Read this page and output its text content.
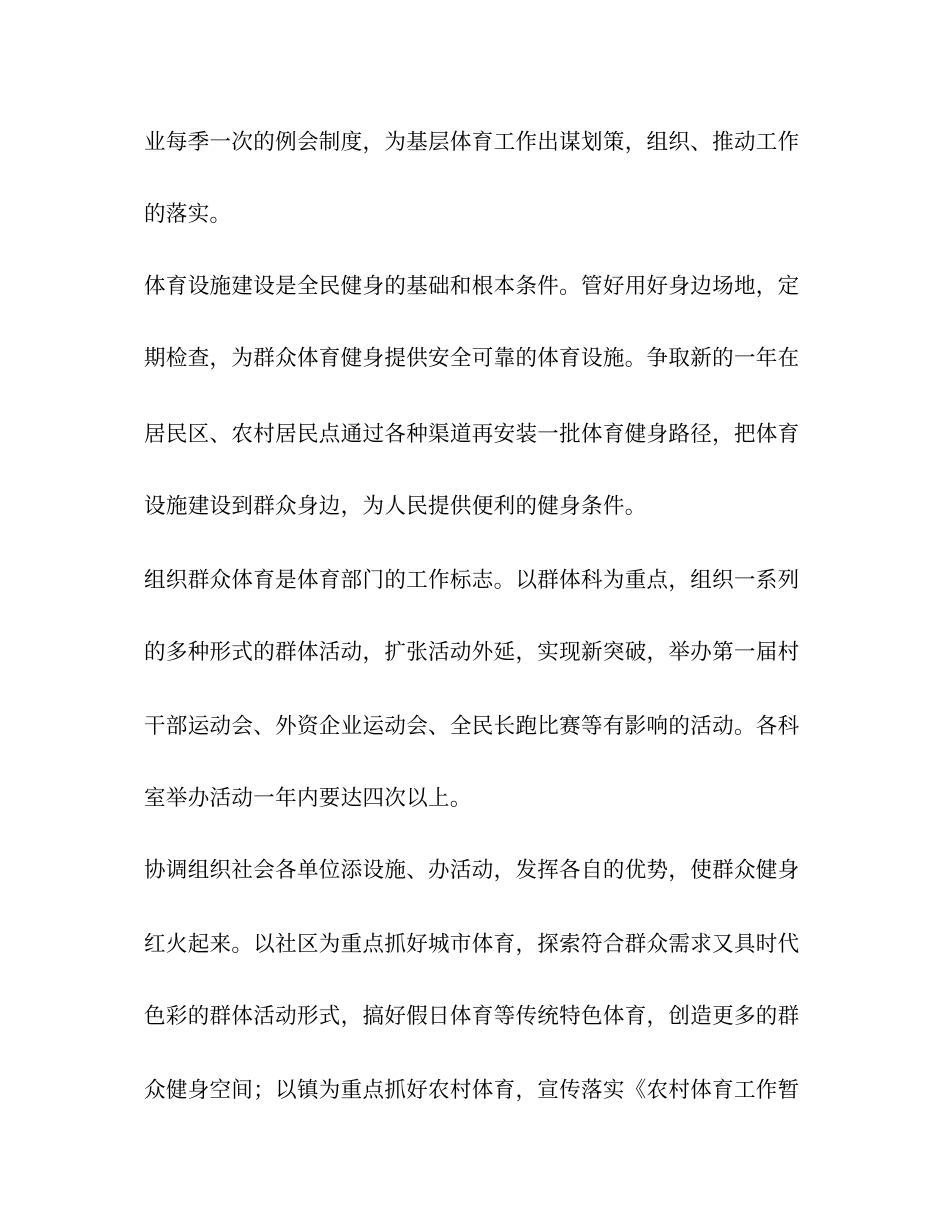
业每季一次的例会制度，为基层体育工作出谋划策，组织、推动工作
的落实。
体育设施建设是全民健身的基础和根本条件。管好用好身边场地，定
期检查，为群众体育健身提供安全可靠的体育设施。争取新的一年在
居民区、农村居民点通过各种渠道再安装一批体育健身路径，把体育
设施建设到群众身边，为人民提供便利的健身条件。
组织群众体育是体育部门的工作标志。以群体科为重点，组织一系列
的多种形式的群体活动，扩张活动外延，实现新突破，举办第一届村
干部运动会、外资企业运动会、全民长跑比赛等有影响的活动。各科
室举办活动一年内要达四次以上。
协调组织社会各单位添设施、办活动，发挥各自的优势，使群众健身
红火起来。以社区为重点抓好城市体育，探索符合群众需求又具时代
色彩的群体活动形式，搞好假日体育等传统特色体育，创造更多的群
众健身空间；以镇为重点抓好农村体育，宣传落实《农村体育工作暂
